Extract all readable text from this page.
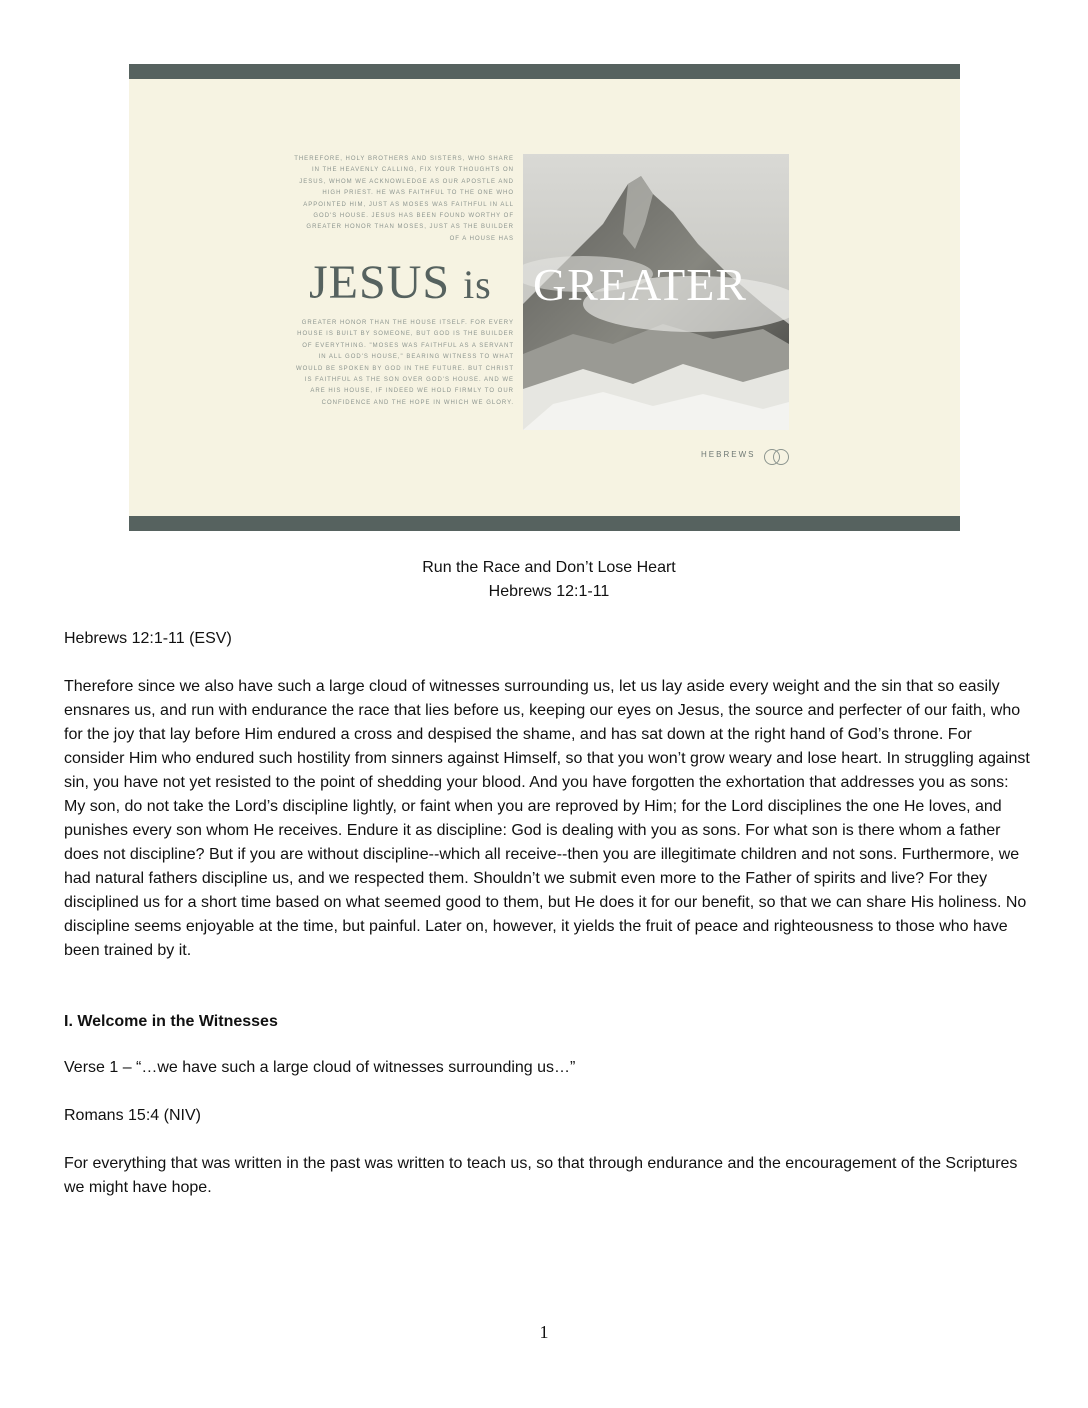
THEREFORE, HOLY BROTHERS AND SISTERS, WHO SHARE IN THE HEAVENLY CALLING, FIX YOUR THOUGHTS ON JESUS, WHOM WE ACKNOWLEDGE AS OUR APOSTLE AND HIGH PRIEST. HE WAS FAITHFUL TO THE ONE WHO APPOINTED HIM, JUST AS MOSES WAS FAITHFUL IN ALL GOD'S HOUSE. JESUS HAS BEEN FOUND WORTHY OF GREATER HONOR THAN MOSES, JUST AS THE BUILDER OF A HOUSE HAS
JESUS is GREATER
GREATER HONOR THAN THE HOUSE ITSELF. FOR EVERY HOUSE IS BUILT BY SOMEONE, BUT GOD IS THE BUILDER OF EVERYTHING. "MOSES WAS FAITHFUL AS A SERVANT IN ALL GOD'S HOUSE," BEARING WITNESS TO WHAT WOULD BE SPOKEN BY GOD IN THE FUTURE. BUT CHRIST IS FAITHFUL AS THE SON OVER GOD'S HOUSE. AND WE ARE HIS HOUSE, IF INDEED WE HOLD FIRMLY TO OUR CONFIDENCE AND THE HOPE IN WHICH WE GLORY.
HEBREWS
Run the Race and Don’t Lose Heart
Hebrews 12:1-11
Hebrews 12:1-11 (ESV)
Therefore since we also have such a large cloud of witnesses surrounding us, let us lay aside every weight and the sin that so easily ensnares us, and run with endurance the race that lies before us, keeping our eyes on Jesus, the source and perfecter of our faith, who for the joy that lay before Him endured a cross and despised the shame, and has sat down at the right hand of God’s throne. For consider Him who endured such hostility from sinners against Himself, so that you won’t grow weary and lose heart. In struggling against sin, you have not yet resisted to the point of shedding your blood. And you have forgotten the exhortation that addresses you as sons: My son, do not take the Lord’s discipline lightly, or faint when you are reproved by Him; for the Lord disciplines the one He loves, and punishes every son whom He receives. Endure it as discipline: God is dealing with you as sons. For what son is there whom a father does not discipline? But if you are without discipline--which all receive--then you are illegitimate children and not sons. Furthermore, we had natural fathers discipline us, and we respected them. Shouldn’t we submit even more to the Father of spirits and live? For they disciplined us for a short time based on what seemed good to them, but He does it for our benefit, so that we can share His holiness. No discipline seems enjoyable at the time, but painful. Later on, however, it yields the fruit of peace and righteousness to those who have been trained by it.
I. Welcome in the Witnesses
Verse 1 – “…we have such a large cloud of witnesses surrounding us…”
Romans 15:4 (NIV)
For everything that was written in the past was written to teach us, so that through endurance and the encouragement of the Scriptures we might have hope.
1
